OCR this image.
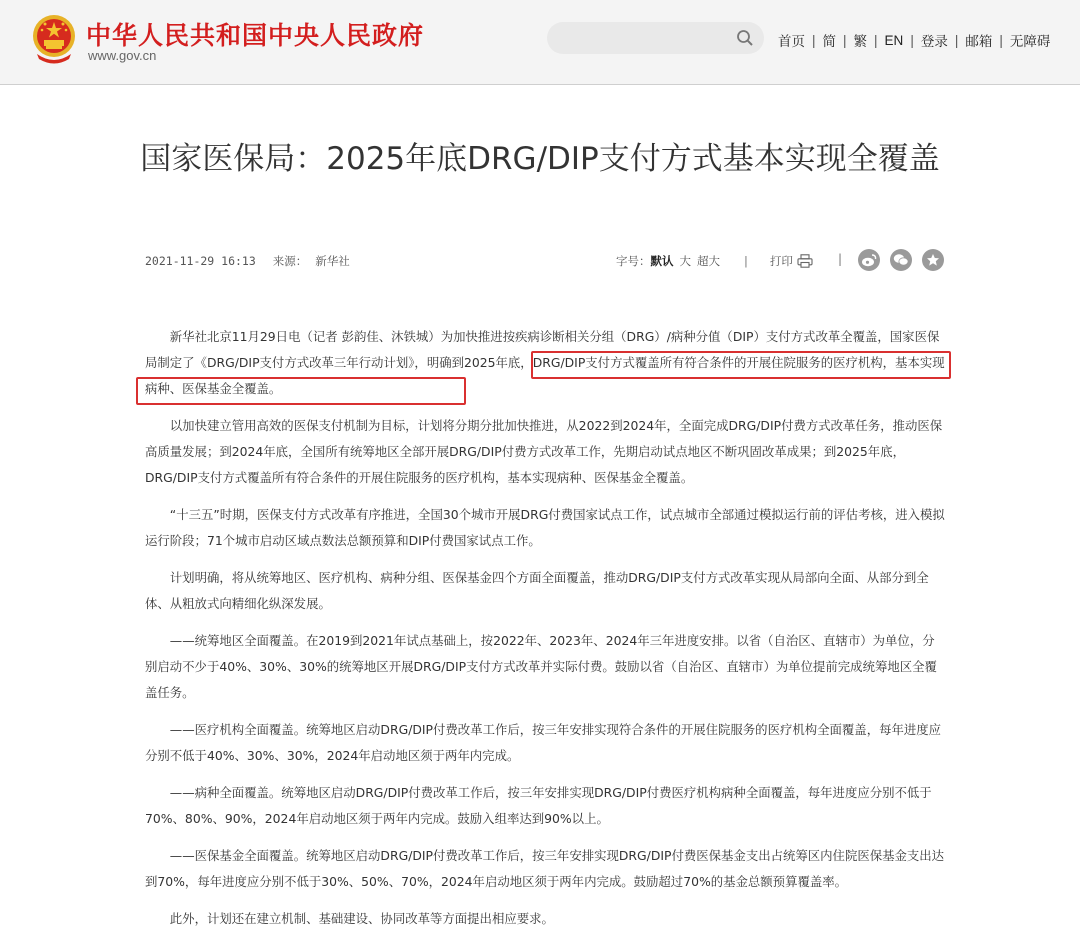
中华人民共和国中央人民政府
www.gov.cn
首页 | 简 | 繁 | EN | 登录 | 邮箱 | 无障碍
国家医保局：2025年底DRG/DIP支付方式基本实现全覆盖
2021-11-29 16:13 来源： 新华社	字号： 默认 大 超大 | 打印	|

新华社北京11月29日电（记者 彭韵佳、沐铁城）为加快推进按疾病诊断相关分组（DRG）/病种分值（DIP）支付方式改革全覆盖，国家医保局制定了《DRG/DIP支付方式改革三年行动计划》，明确到2025年底，DRG/DIP支付方式覆盖所有符合条件的开展住院服务的医疗机构，基本实现病种、医保基金全覆盖。

以加快建立管用高效的医保支付机制为目标，计划将分期分批加快推进，从2022到2024年，全面完成DRG/DIP付费方式改革任务，推动医保高质量发展；到2024年底，全国所有统筹地区全部开展DRG/DIP付费方式改革工作，先期启动试点地区不断巩固改革成果；到2025年底，DRG/DIP支付方式覆盖所有符合条件的开展住院服务的医疗机构，基本实现病种、医保基金全覆盖。

“十三五”时期，医保支付方式改革有序推进，全国30个城市开展DRG付费国家试点工作，试点城市全部通过模拟运行前的评估考核，进入模拟运行阶段；71个城市启动区域点数法总额预算和DIP付费国家试点工作。

计划明确，将从统筹地区、医疗机构、病种分组、医保基金四个方面全面覆盖，推动DRG/DIP支付方式改革实现从局部向全面、从部分到全体、从粗放式向精细化纵深发展。

——统筹地区全面覆盖。在2019到2021年试点基础上，按2022年、2023年、2024年三年进度安排。以省（自治区、直辖市）为单位，分别启动不少于40%、30%、30%的统筹地区开展DRG/DIP支付方式改革并实际付费。鼓励以省（自治区、直辖市）为单位提前完成统筹地区全覆盖任务。

——医疗机构全面覆盖。统筹地区启动DRG/DIP付费改革工作后，按三年安排实现符合条件的开展住院服务的医疗机构全面覆盖，每年进度应分别不低于40%、30%、30%，2024年启动地区须于两年内完成。

——病种全面覆盖。统筹地区启动DRG/DIP付费改革工作后，按三年安排实现DRG/DIP付费医疗机构病种全面覆盖，每年进度应分别不低于70%、80%、90%，2024年启动地区须于两年内完成。鼓励入组率达到90%以上。

——医保基金全面覆盖。统筹地区启动DRG/DIP付费改革工作后，按三年安排实现DRG/DIP付费医保基金支出占统筹区内住院医保基金支出达到70%，每年进度应分别不低于30%、50%、70%，2024年启动地区须于两年内完成。鼓励超过70%的基金总额预算覆盖率。

此外，计划还在建立机制、基础建设、协同改革等方面提出相应要求。
